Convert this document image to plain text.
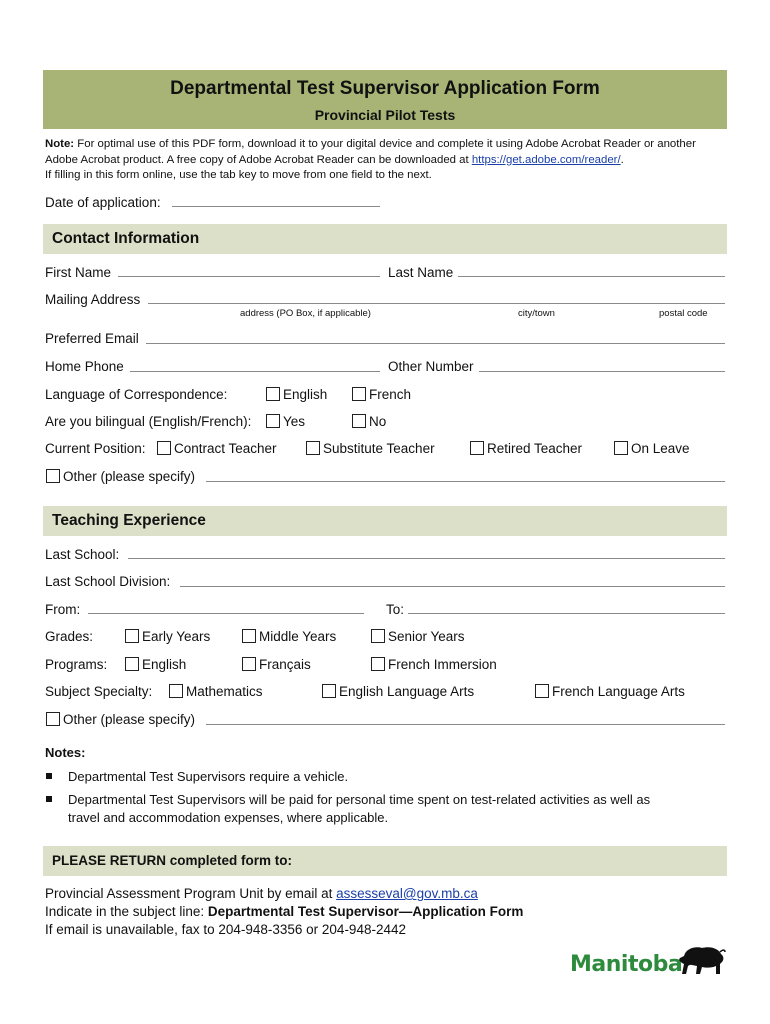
Departmental Test Supervisor Application Form
Provincial Pilot Tests
Note: For optimal use of this PDF form, download it to your digital device and complete it using Adobe Acrobat Reader or another Adobe Acrobat product. A free copy of Adobe Acrobat Reader can be downloaded at https://get.adobe.com/reader/.
If filling in this form online, use the tab key to move from one field to the next.
Date of application:
Contact Information
First Name	Last Name
Mailing Address
address (PO Box, if applicable)	city/town	postal code
Preferred Email
Home Phone	Other Number
Language of Correspondence:	English	French
Are you bilingual (English/French): Yes	No
Current Position: Contract Teacher	Substitute Teacher	Retired Teacher	On Leave
Other (please specify)
Teaching Experience
Last School:
Last School Division:
From:	To:
Grades:	Early Years	Middle Years	Senior Years
Programs:	English	Français	French Immersion
Subject Specialty: Mathematics	English Language Arts	French Language Arts
Other (please specify)
Notes:
Departmental Test Supervisors require a vehicle.
Departmental Test Supervisors will be paid for personal time spent on test-related activities as well as
travel and accommodation expenses, where applicable.
PLEASE RETURN completed form to:
Provincial Assessment Program Unit by email at assesseval@gov.mb.ca
Indicate in the subject line: Departmental Test Supervisor—Application Form
If email is unavailable, fax to 204-948-3356 or 204-948-2442
Manitoba
